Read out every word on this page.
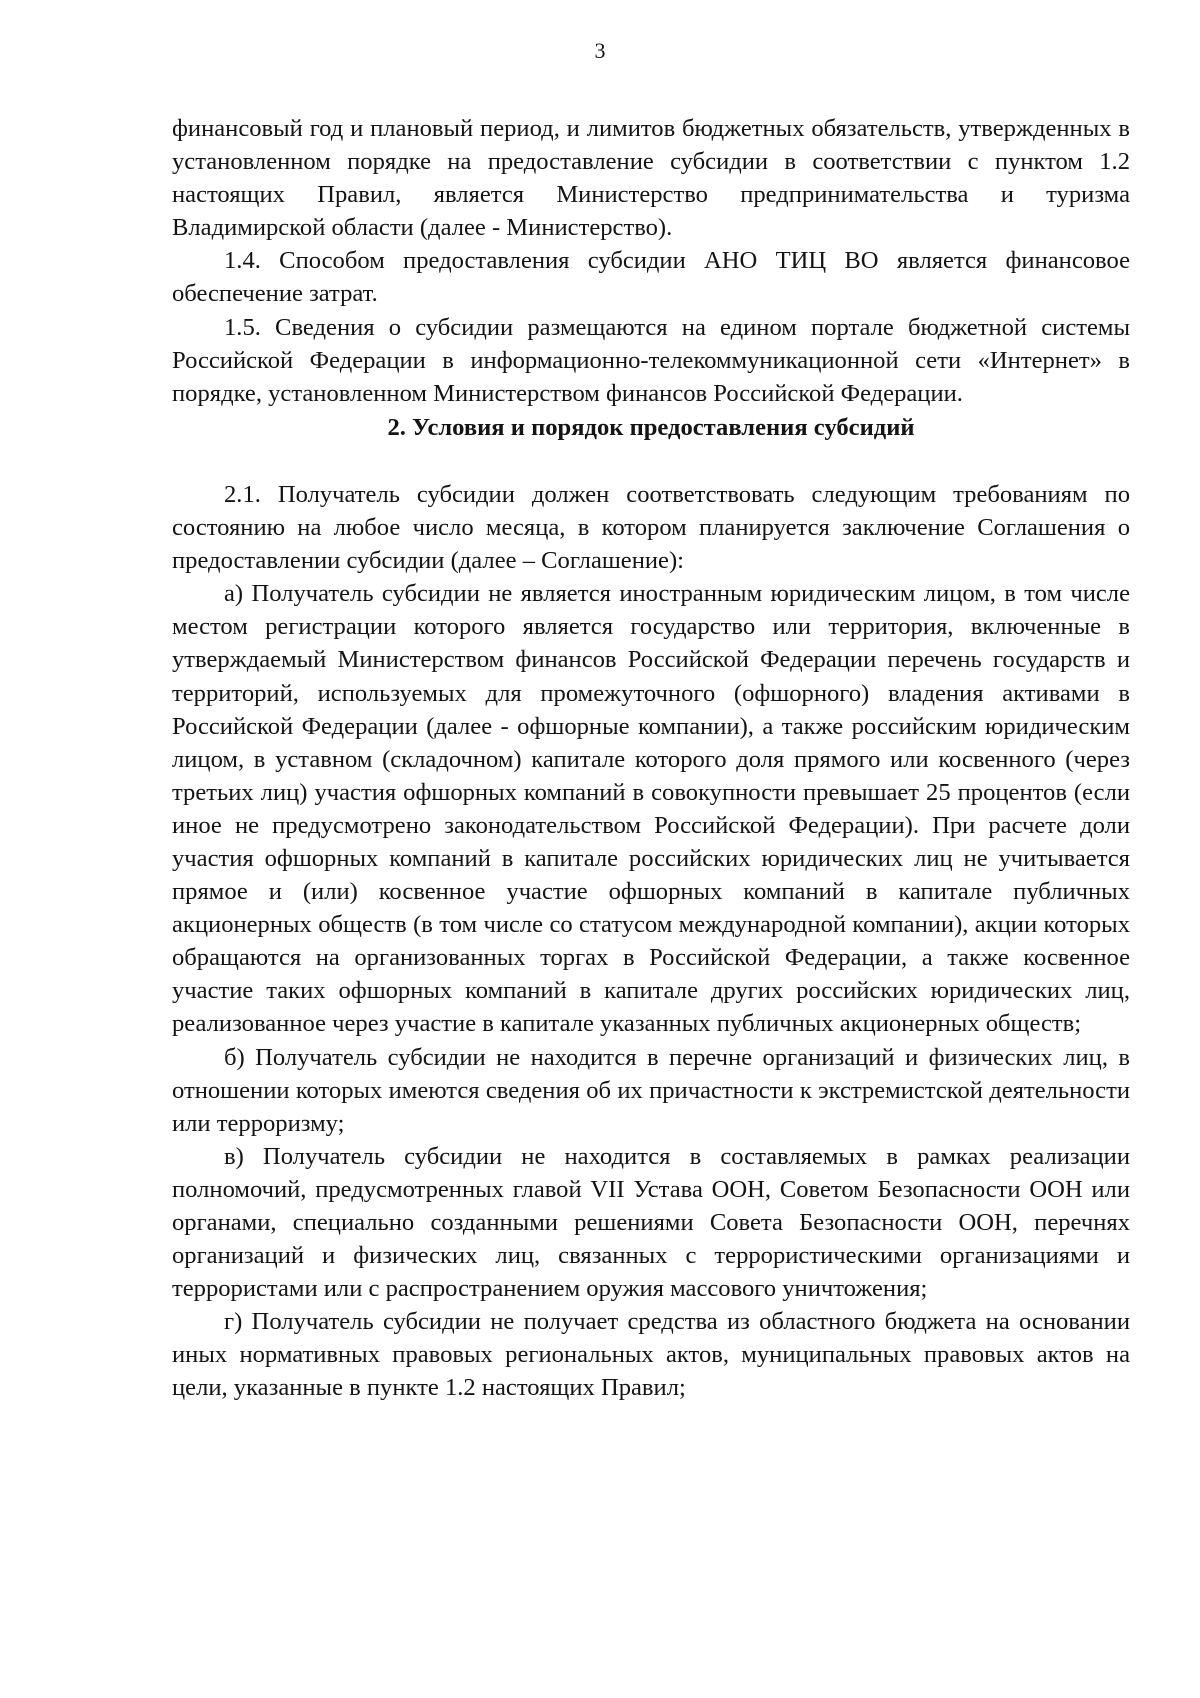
3

финансовый год и плановый период, и лимитов бюджетных обязательств, утвержденных в установленном порядке на предоставление субсидии в соответствии с пунктом 1.2 настоящих Правил, является Министерство предпринимательства и туризма Владимирской области (далее - Министерство).

1.4. Способом предоставления субсидии АНО ТИЦ ВО является финансовое обеспечение затрат.

1.5. Сведения о субсидии размещаются на едином портале бюджетной системы Российской Федерации в информационно-телекоммуникационной сети «Интернет» в порядке, установленном Министерством финансов Российской Федерации.

2. Условия и порядок предоставления субсидий

2.1. Получатель субсидии должен соответствовать следующим требованиям по состоянию на любое число месяца, в котором планируется заключение Соглашения о предоставлении субсидии (далее – Соглашение):

а) Получатель субсидии не является иностранным юридическим лицом, в том числе местом регистрации которого является государство или территория, включенные в утверждаемый Министерством финансов Российской Федерации перечень государств и территорий, используемых для промежуточного (офшорного) владения активами в Российской Федерации (далее - офшорные компании), а также российским юридическим лицом, в уставном (складочном) капитале которого доля прямого или косвенного (через третьих лиц) участия офшорных компаний в совокупности превышает 25 процентов (если иное не предусмотрено законодательством Российской Федерации). При расчете доли участия офшорных компаний в капитале российских юридических лиц не учитывается прямое и (или) косвенное участие офшорных компаний в капитале публичных акционерных обществ (в том числе со статусом международной компании), акции которых обращаются на организованных торгах в Российской Федерации, а также косвенное участие таких офшорных компаний в капитале других российских юридических лиц, реализованное через участие в капитале указанных публичных акционерных обществ;

б) Получатель субсидии не находится в перечне организаций и физических лиц, в отношении которых имеются сведения об их причастности к экстремистской деятельности или терроризму;

в) Получатель субсидии не находится в составляемых в рамках реализации полномочий, предусмотренных главой VII Устава ООН, Советом Безопасности ООН или органами, специально созданными решениями Совета Безопасности ООН, перечнях организаций и физических лиц, связанных с террористическими организациями и террористами или с распространением оружия массового уничтожения;

г) Получатель субсидии не получает средства из областного бюджета на основании иных нормативных правовых региональных актов, муниципальных правовых актов на цели, указанные в пункте 1.2 настоящих Правил;
